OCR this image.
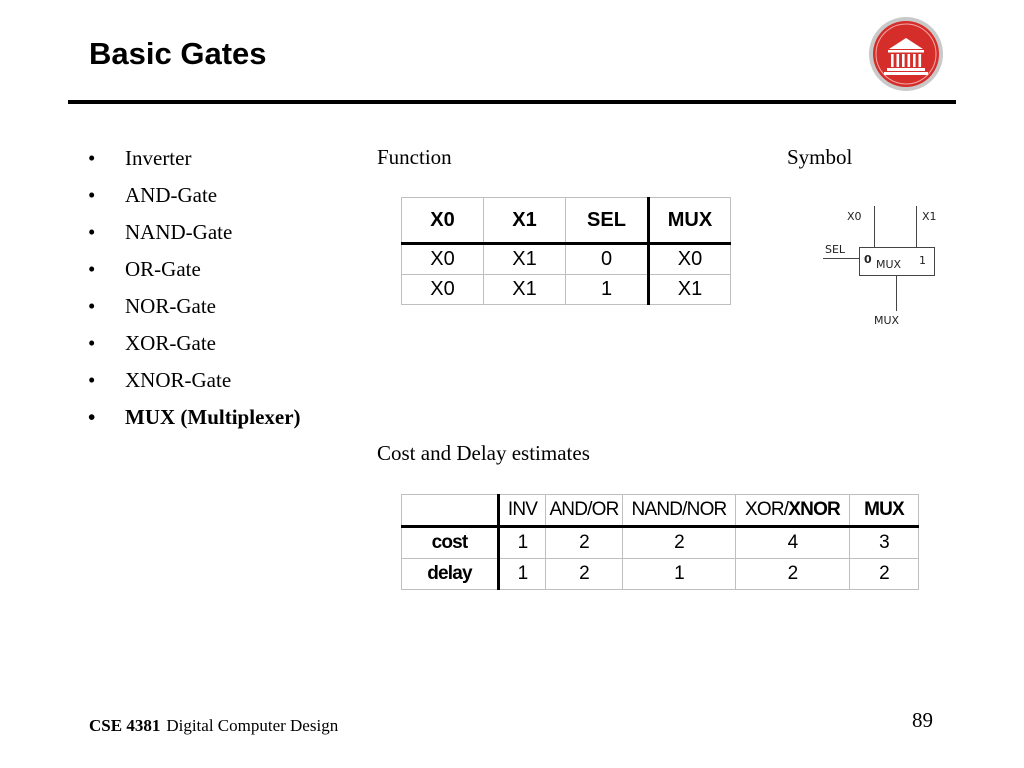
Basic Gates
• Inverter
• AND-Gate
• NAND-Gate
• OR-Gate
• NOR-Gate
• XOR-Gate
• XNOR-Gate
• MUX (Multiplexer)
Function	Symbol
Cost and Delay estimates
X0	X1	SEL	MUX
X0	X1	0	X0
X0	X1	1	X1
X0	X1
SEL
0 MUX 1
MUX
	INV	AND/OR	NAND/NOR	XOR/XNOR	MUX
cost	1	2	2	4	3
delay	1	2	1	2	2
CSE 4381 Digital Computer Design	89
